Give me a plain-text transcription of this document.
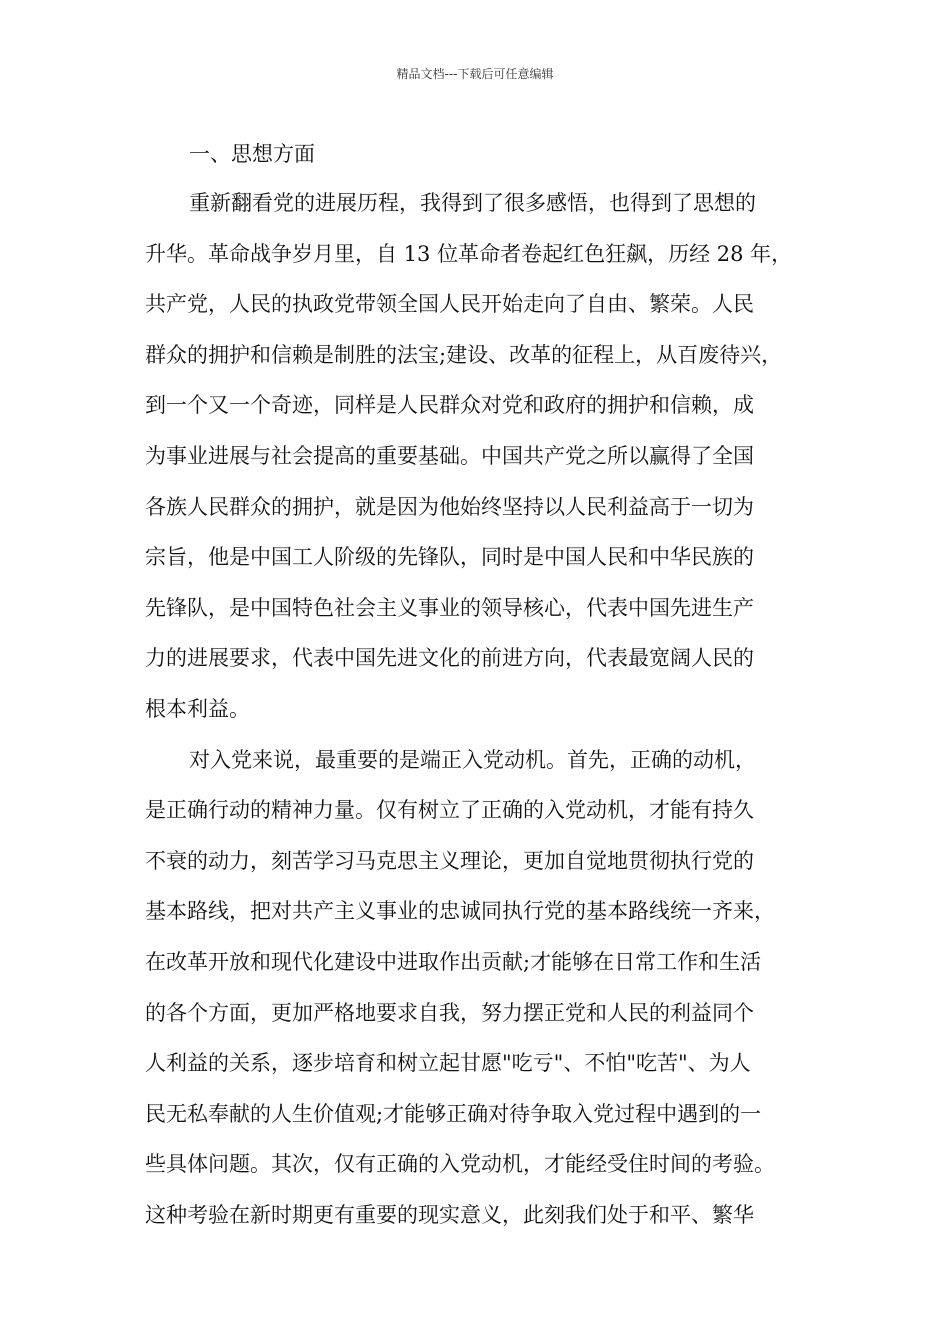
精品文档---下载后可任意编辑
一、思想方面
重新翻看党的进展历程，我得到了很多感悟，也得到了思想的
升华。革命战争岁月里，自 13 位革命者卷起红色狂飙，历经 28 年，
共产党，人民的执政党带领全国人民开始走向了自由、繁荣。人民
群众的拥护和信赖是制胜的法宝;建设、改革的征程上，从百废待兴，
到一个又一个奇迹，同样是人民群众对党和政府的拥护和信赖，成
为事业进展与社会提高的重要基础。中国共产党之所以赢得了全国
各族人民群众的拥护，就是因为他始终坚持以人民利益高于一切为
宗旨，他是中国工人阶级的先锋队，同时是中国人民和中华民族的
先锋队，是中国特色社会主义事业的领导核心，代表中国先进生产
力的进展要求，代表中国先进文化的前进方向，代表最宽阔人民的
根本利益。
对入党来说，最重要的是端正入党动机。首先，正确的动机，
是正确行动的精神力量。仅有树立了正确的入党动机，才能有持久
不衰的动力，刻苦学习马克思主义理论，更加自觉地贯彻执行党的
基本路线，把对共产主义事业的忠诚同执行党的基本路线统一齐来，
在改革开放和现代化建设中进取作出贡献;才能够在日常工作和生活
的各个方面，更加严格地要求自我，努力摆正党和人民的利益同个
人利益的关系，逐步培育和树立起甘愿"吃亏"、不怕"吃苦"、为人
民无私奉献的人生价值观;才能够正确对待争取入党过程中遇到的一
些具体问题。其次，仅有正确的入党动机，才能经受住时间的考验。
这种考验在新时期更有重要的现实意义，此刻我们处于和平、繁华
